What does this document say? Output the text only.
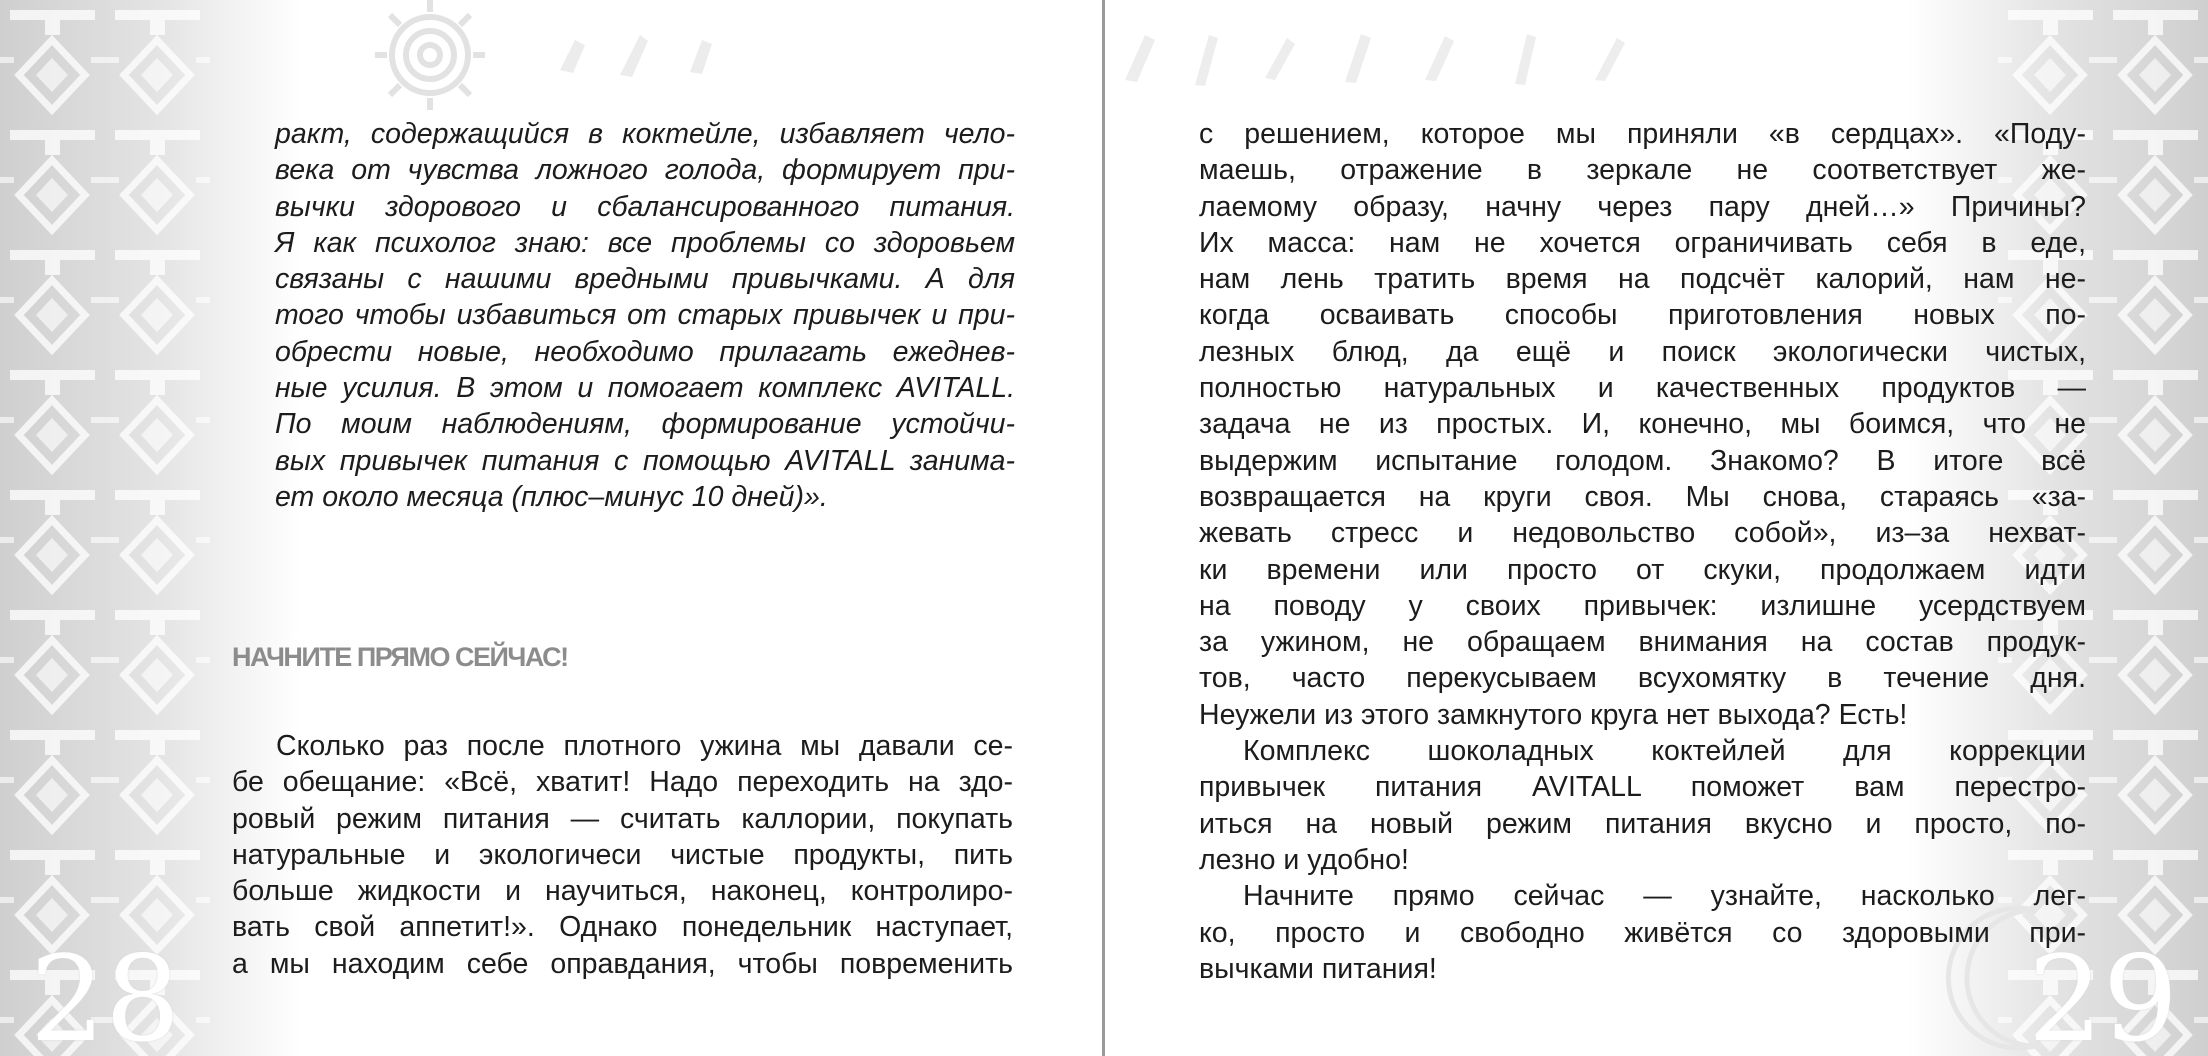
ракт, содержащийся в коктейле, избавляет чело-
века от чувства ложного голода, формирует при-
вычки здорового и сбалансированного питания.
Я как психолог знаю: все проблемы со здоровьем
связаны с нашими вредными привычками. А для
того чтобы избавиться от старых привычек и при-
обрести новые, необходимо прилагать ежеднев-
ные усилия. В этом и помогает комплекс AVITALL.
По моим наблюдениям, формирование устойчи-
вых привычек питания с помощью AVITALL занима-
ет около месяца (плюс–минус 10 дней)».
НАЧНИТЕ ПРЯМО СЕЙЧАС!
Сколько раз после плотного ужина мы давали се-
бе обещание: «Всё, хватит! Надо переходить на здо-
ровый режим питания — считать каллории, покупать
натуральные и экологичеси чистые продукты, пить
больше жидкости и научиться, наконец, контролиро-
вать свой аппетит!». Однако понедельник наступает,
а мы находим себе оправдания, чтобы повременить
28
с решением, которое мы приняли «в сердцах». «Поду-
маешь, отражение в зеркале не соответствует же-
лаемому образу, начну через пару дней…» Причины?
Их масса: нам не хочется ограничивать себя в еде,
нам лень тратить время на подсчёт калорий, нам не-
когда осваивать способы приготовления новых по-
лезных блюд, да ещё и поиск экологически чистых,
полностью натуральных и качественных продуктов —
задача не из простых. И, конечно, мы боимся, что не
выдержим испытание голодом. Знакомо? В итоге всё
возвращается на круги своя. Мы снова, стараясь «за-
жевать стресс и недовольство собой», из–за нехват-
ки времени или просто от скуки, продолжаем идти
на поводу у своих привычек: излишне усердствуем
за ужином, не обращаем внимания на состав продук-
тов, часто перекусываем всухомятку в течение дня.
Неужели из этого замкнутого круга нет выхода? Есть!
Комплекс шоколадных коктейлей для коррекции
привычек питания AVITALL поможет вам перестро-
иться на новый режим питания вкусно и просто, по-
лезно и удобно!
Начните прямо сейчас — узнайте, насколько лег-
ко, просто и свободно живётся со здоровыми при-
вычками питания!	29
